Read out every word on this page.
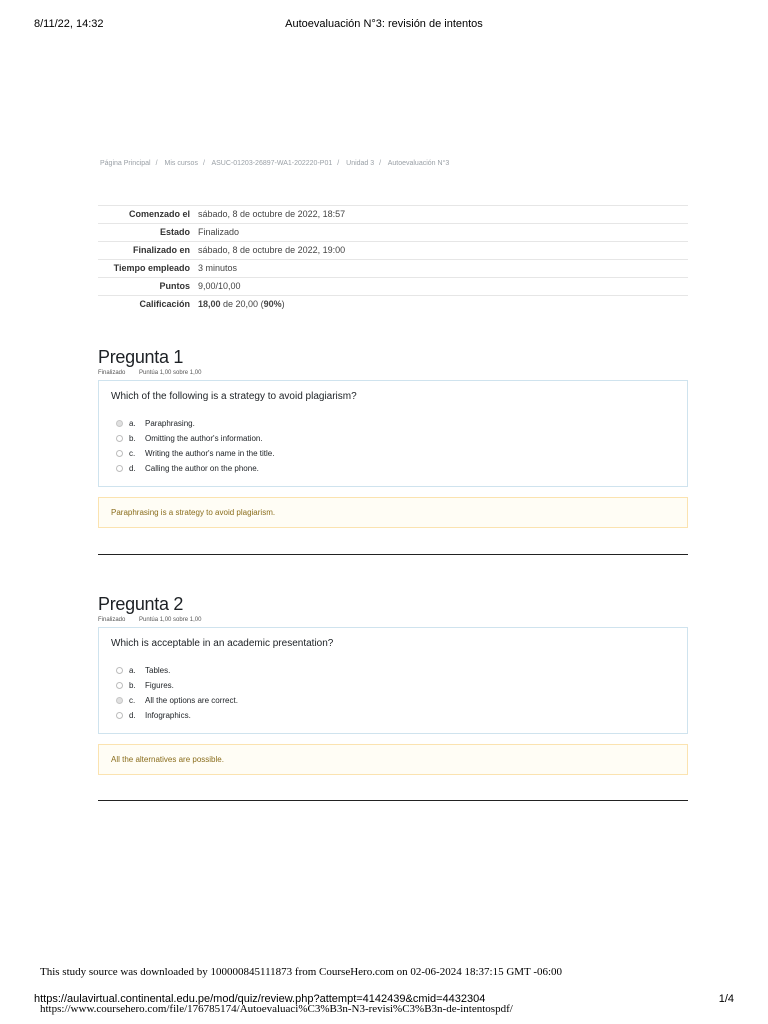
8/11/22, 14:32	Autoevaluación N°3: revisión de intentos
Página Principal / Mis cursos / ASUC-01203-26897-WA1-202220-P01 / Unidad 3 / Autoevaluación N°3
Comenzado el	sábado, 8 de octubre de 2022, 18:57
Estado	Finalizado
Finalizado en	sábado, 8 de octubre de 2022, 19:00
Tiempo empleado	3 minutos
Puntos	9,00/10,00
Calificación	18,00 de 20,00 (90%)
Pregunta 1
Finalizado Puntúa 1,00 sobre 1,00
Which of the following is a strategy to avoid plagiarism?
a.	Paraphrasing.
b.	Omitting the author's information.
c.	Writing the author's name in the title.
d.	Calling the author on the phone.
Paraphrasing is a strategy to avoid plagiarism.
Pregunta 2
Finalizado Puntúa 1,00 sobre 1,00
Which is acceptable in an academic presentation?
a.	Tables.
b.	Figures.
c.	All the options are correct.
d.	Infographics.
All the alternatives are possible.
This study source was downloaded by 100000845111873 from CourseHero.com on 02-06-2024 18:37:15 GMT -06:00
https://aulavirtual.continental.edu.pe/mod/quiz/review.php?attempt=4142439&cmid=4432304	1/4
https://www.coursehero.com/file/176785174/Autoevaluaci%C3%B3n-N3-revisi%C3%B3n-de-intentospdf/
